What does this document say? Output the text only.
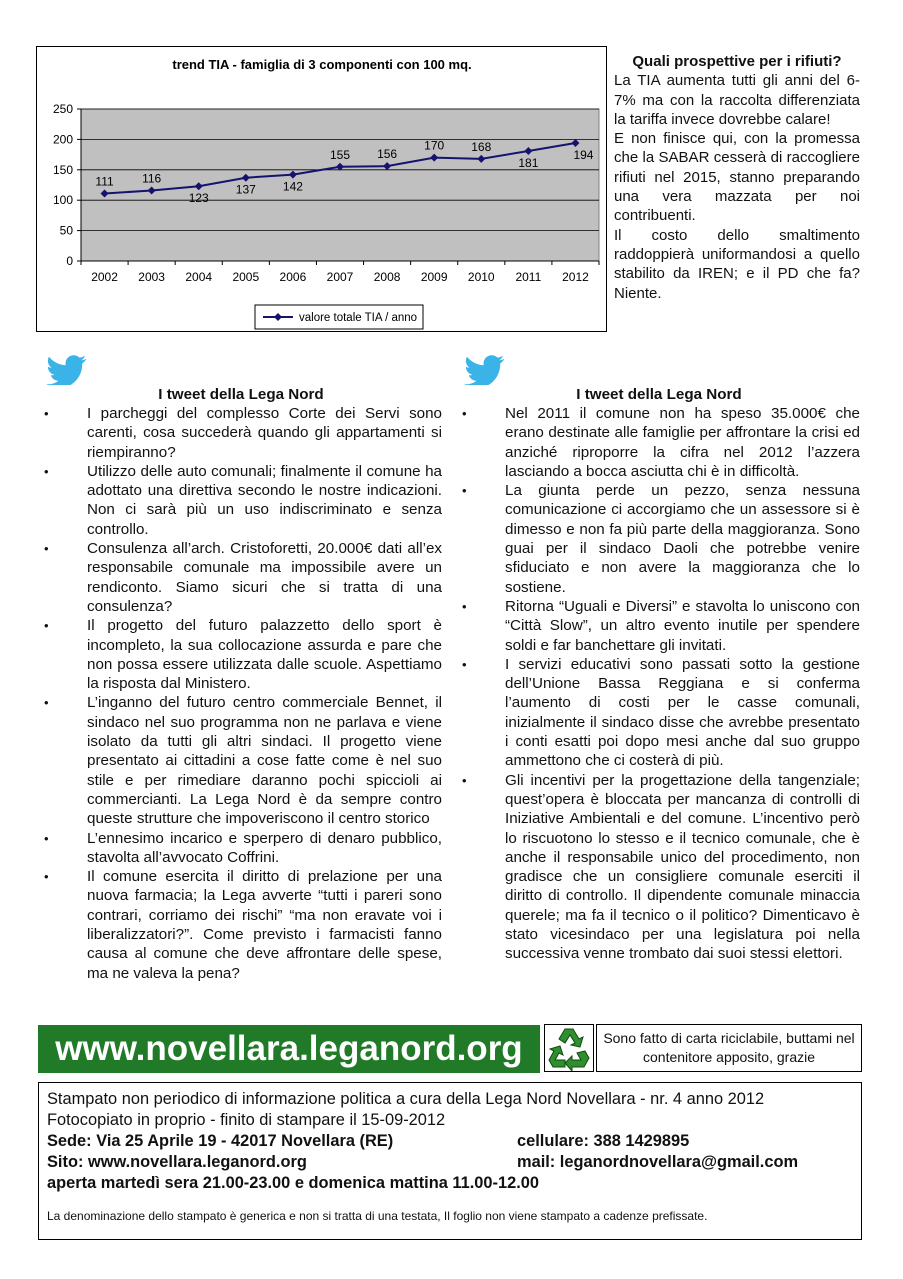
trend TIA - famiglia di 3 componenti con 100 mq.
0
50
100
150
200
250
2002 2003 2004 2005 2006 2007 2008 2009 2010 2011 2012
111 116
123
137 142
155 156
170 168
181
194
valore totale TIA / anno
Quali prospettive per i rifiuti?

La TIA aumenta tutti gli anni del 6-7% ma con la raccolta differenziata la tariffa invece dovrebbe calare!

E non finisce qui, con la promessa che la SABAR cesserà di raccogliere rifiuti nel 2015, stanno preparando una vera mazzata per noi contribuenti.

Il costo dello smaltimento raddoppierà uniformandosi a quello stabilito da IREN; e il PD che fa? Niente.

I tweet della Lega Nord
• I parcheggi del complesso Corte dei Servi sono carenti, cosa succederà quando gli appartamenti si riempiranno?
• Utilizzo delle auto comunali; finalmente il comune ha adottato una direttiva secondo le nostre indicazioni. Non ci sarà più un uso indiscriminato e senza controllo.
• Consulenza all’arch. Cristoforetti, 20.000€ dati all’ex responsabile comunale ma impossibile avere un rendiconto. Siamo sicuri che si tratta di una consulenza?
• Il progetto del futuro palazzetto dello sport è incompleto, la sua collocazione assurda e pare che non possa essere utilizzata dalle scuole. Aspettiamo la risposta dal Ministero.
• L’inganno del futuro centro commerciale Bennet, il sindaco nel suo programma non ne parlava e viene isolato da tutti gli altri sindaci. Il progetto viene presentato ai cittadini a cose fatte come è nel suo stile e per rimediare daranno pochi spiccioli ai commercianti. La Lega Nord è da sempre contro queste strutture che impoveriscono il centro storico
• L’ennesimo incarico e sperpero di denaro pubblico, stavolta all’avvocato Coffrini.
• Il comune esercita il diritto di prelazione per una nuova farmacia; la Lega avverte “tutti i pareri sono contrari, corriamo dei rischi” “ma non eravate voi i liberalizzatori?”. Come previsto i farmacisti fanno causa al comune che deve affrontare delle spese, ma ne valeva la pena?
I tweet della Lega Nord
• Nel 2011 il comune non ha speso 35.000€ che erano destinate alle famiglie per affrontare la crisi ed anziché riproporre la cifra nel 2012 l’azzera lasciando a bocca asciutta chi è in difficoltà.
• La giunta perde un pezzo, senza nessuna comunicazione ci accorgiamo che un assessore si è dimesso e non fa più parte della maggioranza. Sono guai per il sindaco Daoli che potrebbe venire sfiduciato e non avere la maggioranza che lo sostiene.
• Ritorna “Uguali e Diversi” e stavolta lo uniscono con “Città Slow”, un altro evento inutile per spendere soldi e far banchettare gli invitati.
• I servizi educativi sono passati sotto la gestione dell’Unione Bassa Reggiana e si conferma l’aumento di costi per le casse comunali, inizialmente il sindaco disse che avrebbe presentato i conti esatti poi dopo mesi anche dal suo gruppo ammettono che ci costerà di più.
• Gli incentivi per la progettazione della tangenziale; quest’opera è bloccata per mancanza di controlli di Iniziative Ambientali e del comune. L’incentivo però lo riscuotono lo stesso e il tecnico comunale, che è anche il responsabile unico del procedimento, non gradisce che un consigliere comunale eserciti il diritto di controllo. Il dipendente comunale minaccia querele; ma fa il tecnico o il politico? Dimenticavo è stato vicesindaco per una legislatura poi nella successiva venne trombato dai suoi stessi elettori.
www.novellara.leganord.org	Sono fatto di carta riciclabile, buttami nel contenitore apposito, grazie
Stampato non periodico di informazione politica a cura della Lega Nord Novellara - nr. 4 anno 2012
Fotocopiato in proprio - finito di stampare il 15-09-2012
Sede: Via 25 Aprile 19 - 42017 Novellara (RE)	cellulare: 388 1429895
Sito: www.novellara.leganord.org	mail: leganordnovellara@gmail.com
aperta martedì sera 21.00-23.00 e domenica mattina 11.00-12.00
La denominazione dello stampato è generica e non si tratta di una testata, Il foglio non viene stampato a cadenze prefissate.
